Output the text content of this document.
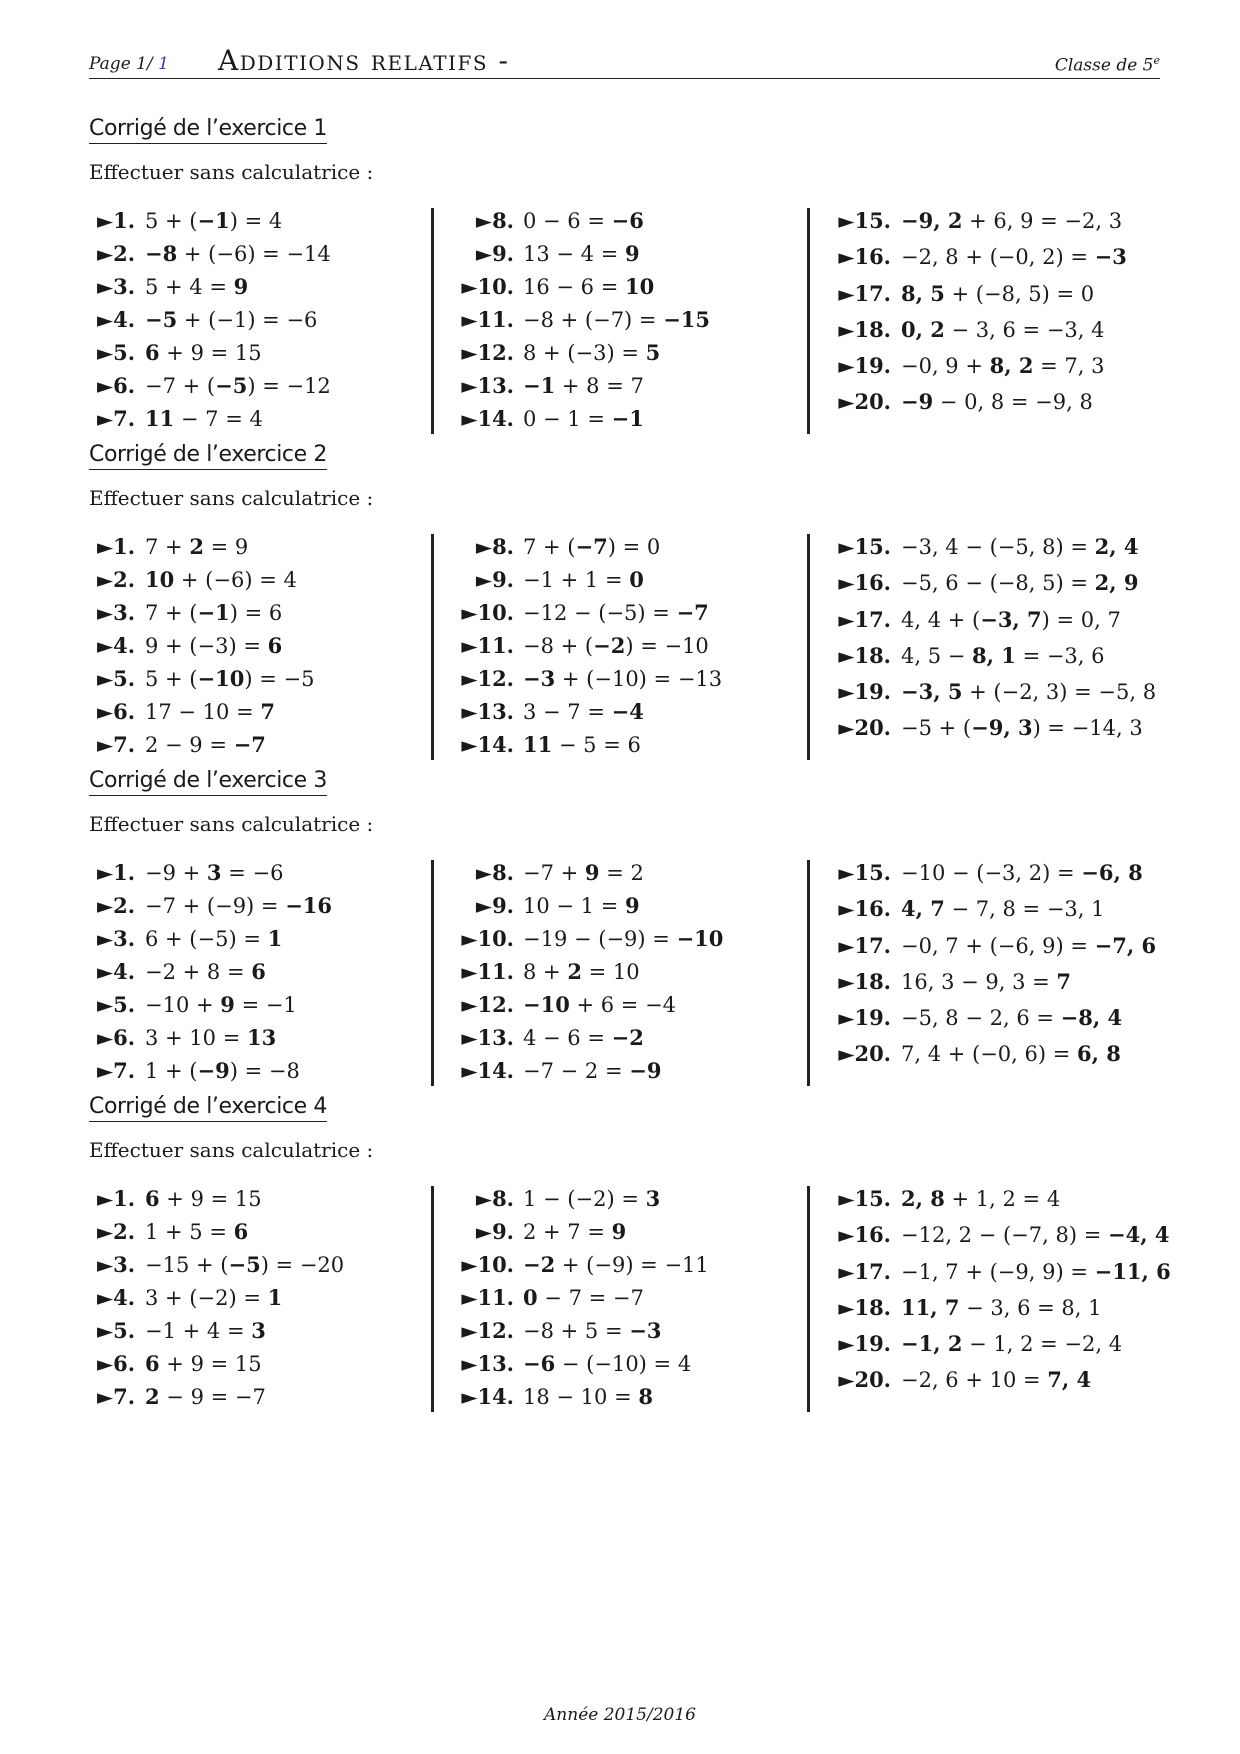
Page 1/ 1 Additions relatifs -	Classe de 5e
Corrigé de l’exercice 1
Effectuer sans calculatrice :
►1. 5 + (−1) = 4
►2. −8 + (−6) = −14
►3. 5 + 4 = 9
►4. −5 + (−1) = −6
►5. 6 + 9 = 15
►6. −7 + (−5) = −12
►7. 11 − 7 = 4
►8. 0 − 6 = −6
►9. 13 − 4 = 9
►10. 16 − 6 = 10
►11. −8 + (−7) = −15
►12. 8 + (−3) = 5
►13. −1 + 8 = 7
►14. 0 − 1 = −1
►15. −9, 2 + 6, 9 = −2, 3
►16. −2, 8 + (−0, 2) = −3
►17. 8, 5 + (−8, 5) = 0
►18. 0, 2 − 3, 6 = −3, 4
►19. −0, 9 + 8, 2 = 7, 3
►20. −9 − 0, 8 = −9, 8
Corrigé de l’exercice 2
Effectuer sans calculatrice :
►1. 7 + 2 = 9
►2. 10 + (−6) = 4
►3. 7 + (−1) = 6
►4. 9 + (−3) = 6
►5. 5 + (−10) = −5
►6. 17 − 10 = 7
►7. 2 − 9 = −7
►8. 7 + (−7) = 0
►9. −1 + 1 = 0
►10. −12 − (−5) = −7
►11. −8 + (−2) = −10
►12. −3 + (−10) = −13
►13. 3 − 7 = −4
►14. 11 − 5 = 6
►15. −3, 4 − (−5, 8) = 2, 4
►16. −5, 6 − (−8, 5) = 2, 9
►17. 4, 4 + (−3, 7) = 0, 7
►18. 4, 5 − 8, 1 = −3, 6
►19. −3, 5 + (−2, 3) = −5, 8
►20. −5 + (−9, 3) = −14, 3
Corrigé de l’exercice 3
Effectuer sans calculatrice :
►1. −9 + 3 = −6
►2. −7 + (−9) = −16
►3. 6 + (−5) = 1
►4. −2 + 8 = 6
►5. −10 + 9 = −1
►6. 3 + 10 = 13
►7. 1 + (−9) = −8
►8. −7 + 9 = 2
►9. 10 − 1 = 9
►10. −19 − (−9) = −10
►11. 8 + 2 = 10
►12. −10 + 6 = −4
►13. 4 − 6 = −2
►14. −7 − 2 = −9
►15. −10 − (−3, 2) = −6, 8
►16. 4, 7 − 7, 8 = −3, 1
►17. −0, 7 + (−6, 9) = −7, 6
►18. 16, 3 − 9, 3 = 7
►19. −5, 8 − 2, 6 = −8, 4
►20. 7, 4 + (−0, 6) = 6, 8
Corrigé de l’exercice 4
Effectuer sans calculatrice :
►1. 6 + 9 = 15
►2. 1 + 5 = 6
►3. −15 + (−5) = −20
►4. 3 + (−2) = 1
►5. −1 + 4 = 3
►6. 6 + 9 = 15
►7. 2 − 9 = −7
►8. 1 − (−2) = 3
►9. 2 + 7 = 9
►10. −2 + (−9) = −11
►11. 0 − 7 = −7
►12. −8 + 5 = −3
►13. −6 − (−10) = 4
►14. 18 − 10 = 8
►15. 2, 8 + 1, 2 = 4
►16. −12, 2 − (−7, 8) = −4, 4
►17. −1, 7 + (−9, 9) = −11, 6
►18. 11, 7 − 3, 6 = 8, 1
►19. −1, 2 − 1, 2 = −2, 4
►20. −2, 6 + 10 = 7, 4
Année 2015/2016
